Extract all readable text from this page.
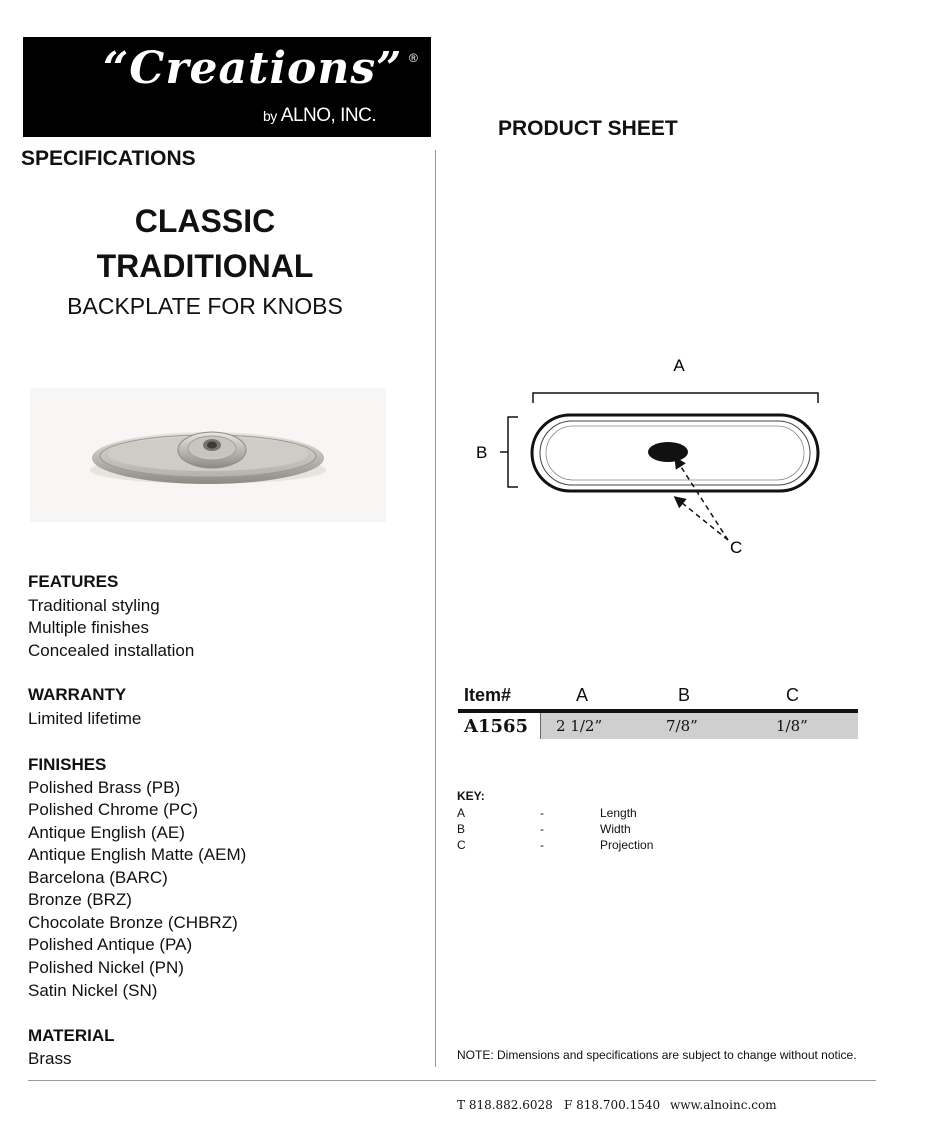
“Creations” ®
by ALNO, INC.
PRODUCT SHEET
SPECIFICATIONS
CLASSIC
TRADITIONAL
BACKPLATE FOR KNOBS
FEATURES
Traditional styling
Multiple finishes
Concealed installation
WARRANTY
Limited lifetime
FINISHES
Polished Brass (PB)
Polished Chrome (PC)
Antique English (AE)
Antique English Matte (AEM)
Barcelona (BARC)
Bronze (BRZ)
Chocolate Bronze (CHBRZ)
Polished Antique (PA)
Polished Nickel (PN)
Satin Nickel (SN)
MATERIAL
Brass
A
B
C
Item#	A	B	C
A1565 2 1/2”	7/8”	1/8”
KEY:
A	-	Length
B	-	Width
C	-	Projection
NOTE: Dimensions and specifications are subject to change without notice.
T 818.882.6028 F 818.700.1540 www.alnoinc.com
